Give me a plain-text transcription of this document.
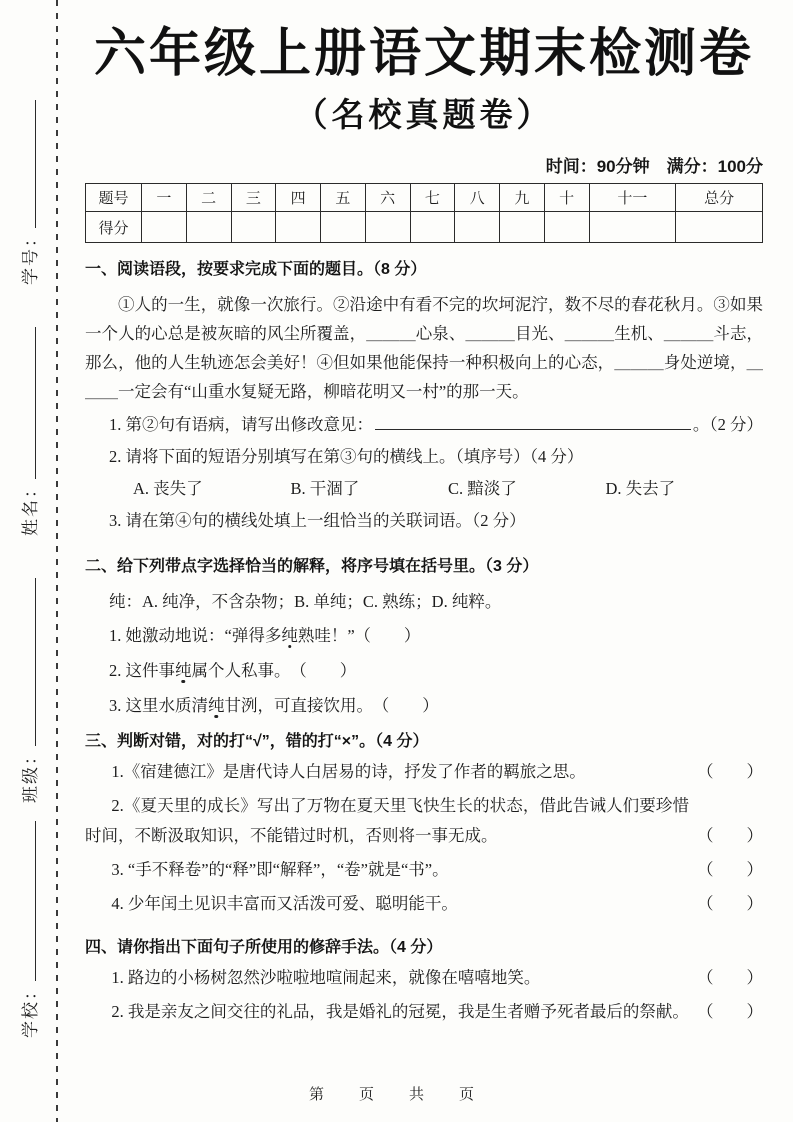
学校：
班级：
姓名：
学号：
六年级上册语文期末检测卷
（名校真题卷）
时间：90分钟　满分：100分
题号	一	二	三	四	五	六	七	八	九	十	十一	总分
得分												
一、阅读语段，按要求完成下面的题目。（8 分）
①人的一生，就像一次旅行。②沿途中有看不完的坎坷泥泞，数不尽的春花秋月。③如果一个人的心总是被灰暗的风尘所覆盖，＿＿＿心泉、＿＿＿目光、＿＿＿生机、＿＿＿斗志，那么，他的人生轨迹怎会美好！④但如果他能保持一种积极向上的心态，＿＿＿身处逆境，＿＿＿一定会有“山重水复疑无路，柳暗花明又一村”的那一天。
1. 第②句有语病，请写出修改意见：	。（2 分）
2. 请将下面的短语分别填写在第③句的横线上。（填序号）（4 分）
A. 丧失了	B. 干涸了	C. 黯淡了	D. 失去了
3. 请在第④句的横线处填上一组恰当的关联词语。（2 分）
二、给下列带点字选择恰当的解释，将序号填在括号里。（3 分）
纯：A. 纯净，不含杂物；B. 单纯；C. 熟练；D. 纯粹。
1. 她激动地说：“弹得多纯熟哇！” （　　）
2. 这件事纯属个人私事。 （　　）
3. 这里水质清纯甘洌，可直接饮用。 （　　）
三、判断对错，对的打“√”，错的打“×”。（4 分）
1.《宿建德江》是唐代诗人白居易的诗，抒发了作者的羁旅之思。	（　　）
2.《夏天里的成长》写出了万物在夏天里飞快生长的状态，借此告诫人们要珍惜时间，不断汲取知识，不能错过时机，否则将一事无成。	（　　）
3. “手不释卷”的“释”即“解释”，“卷”就是“书”。	（　　）
4. 少年闰土见识丰富而又活泼可爱、聪明能干。	（　　）
四、请你指出下面句子所使用的修辞手法。（4 分）
1. 路边的小杨树忽然沙啦啦地喧闹起来，就像在嘻嘻地笑。	（　　）
2. 我是亲友之间交往的礼品，我是婚礼的冠冕，我是生者赠予死者最后的祭献。 （　　）
第　页　共　页
